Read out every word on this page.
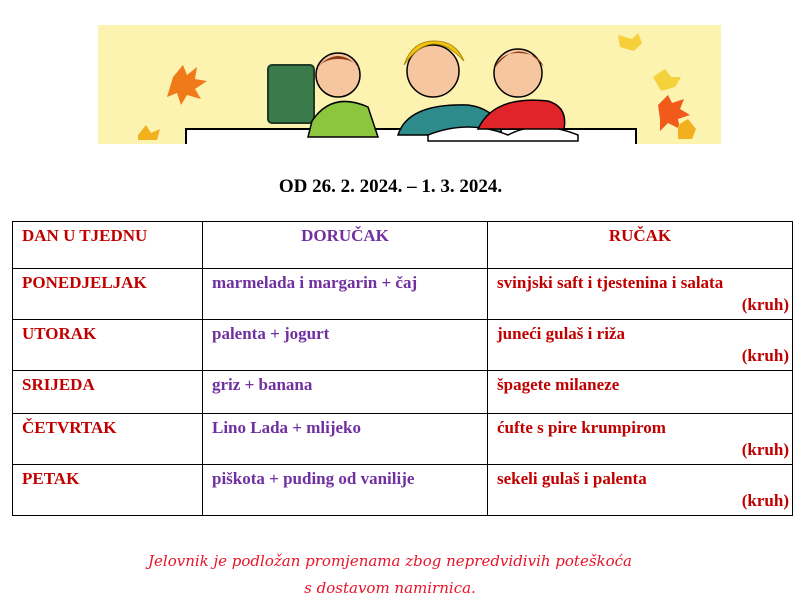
OD 26. 2. 2024. – 1. 3. 2024.
DAN U TJEDNU	DORUČAK	RUČAK
PONEDJELJAK	marmelada i margarin + čaj	svinjski saft i tjestenina i salata
(kruh)

UTORAK	palenta + jogurt	juneći gulaš i riža
(kruh)

SRIJEDA	griz + banana	špagete milaneze
ČETVRTAK	Lino Lada + mlijeko	ćufte s pire krumpirom
(kruh)

PETAK	piškota + puding od vanilije	sekeli gulaš i palenta
(kruh)
Jelovnik je podložan promjenama zbog nepredvidivih poteškoća
s dostavom namirnica.
